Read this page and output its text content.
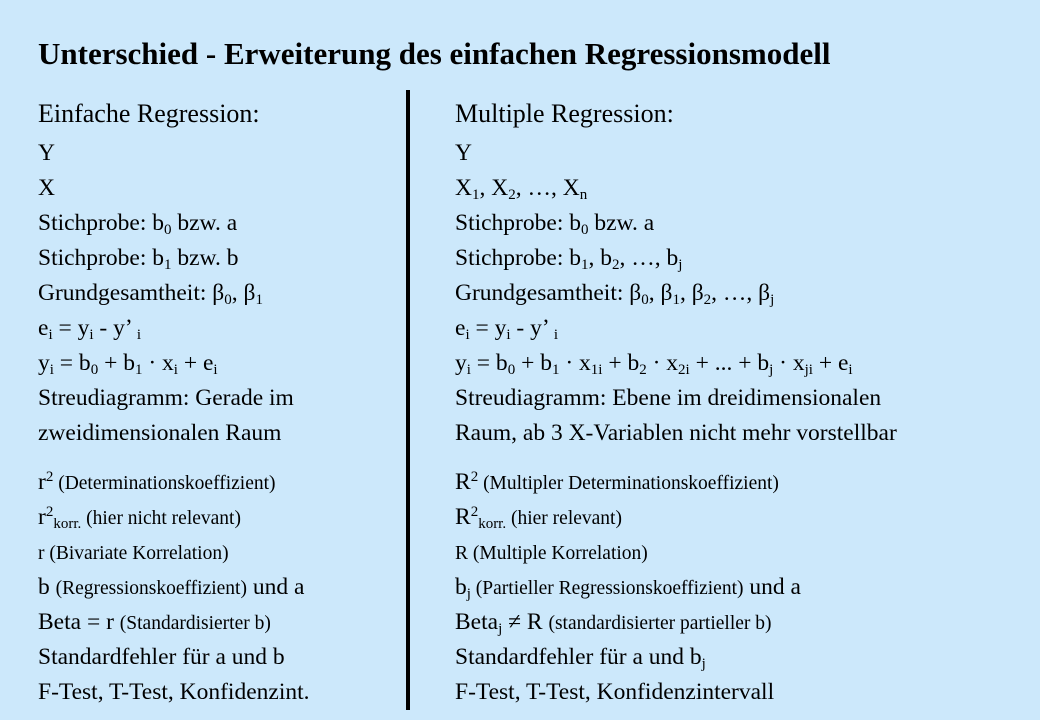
Unterschied - Erweiterung des einfachen Regressionsmodell
Einfache Regression:
Y
X
Stichprobe: $b_0$ bzw. a
Stichprobe: $b_1$ bzw. b
Grundgesamtheit: $\beta_0$, $\beta_1$
$e_i = y_i - y$’ $_i$
$y_i = b_0 + b_1 \cdot x_i + e_i$
Streudiagramm: Gerade im
zweidimensionalen Raum
$r^2$ (Determinationskoeffizient)
$r^2_{korr.}$ (hier nicht relevant)
r (Bivariate Korrelation)
b (Regressionskoeffizient) und a
Beta = r (Standardisierter b)
Standardfehler für a und b
F-Test, T-Test, Konfidenzint.
Multiple Regression:
Y
$X_1$, $X_2$, …, $X_n$
Stichprobe: $b_0$ bzw. a
Stichprobe: $b_1$, $b_2$, …, $b_j$
Grundgesamtheit: $\beta_0$, $\beta_1$, $\beta_2$, …, $\beta_j$
$e_i = y_i - y$’ $_i$
$y_i = b_0 + b_1 \cdot x_{1i} + b_2 \cdot x_{2i}$ + ... + $b_j \cdot x_{ji} + e_i$
Streudiagramm: Ebene im dreidimensionalen
Raum, ab 3 X-Variablen nicht mehr vorstellbar
$R^2$ (Multipler Determinationskoeffizient)
$R^2_{korr.}$ (hier relevant)
R (Multiple Korrelation)
$b_j$ (Partieller Regressionskoeffizient) und a
Beta$_j$ ≠ R (standardisierter partieller b)
Standardfehler für a und $b_j$
F-Test, T-Test, Konfidenzintervall
